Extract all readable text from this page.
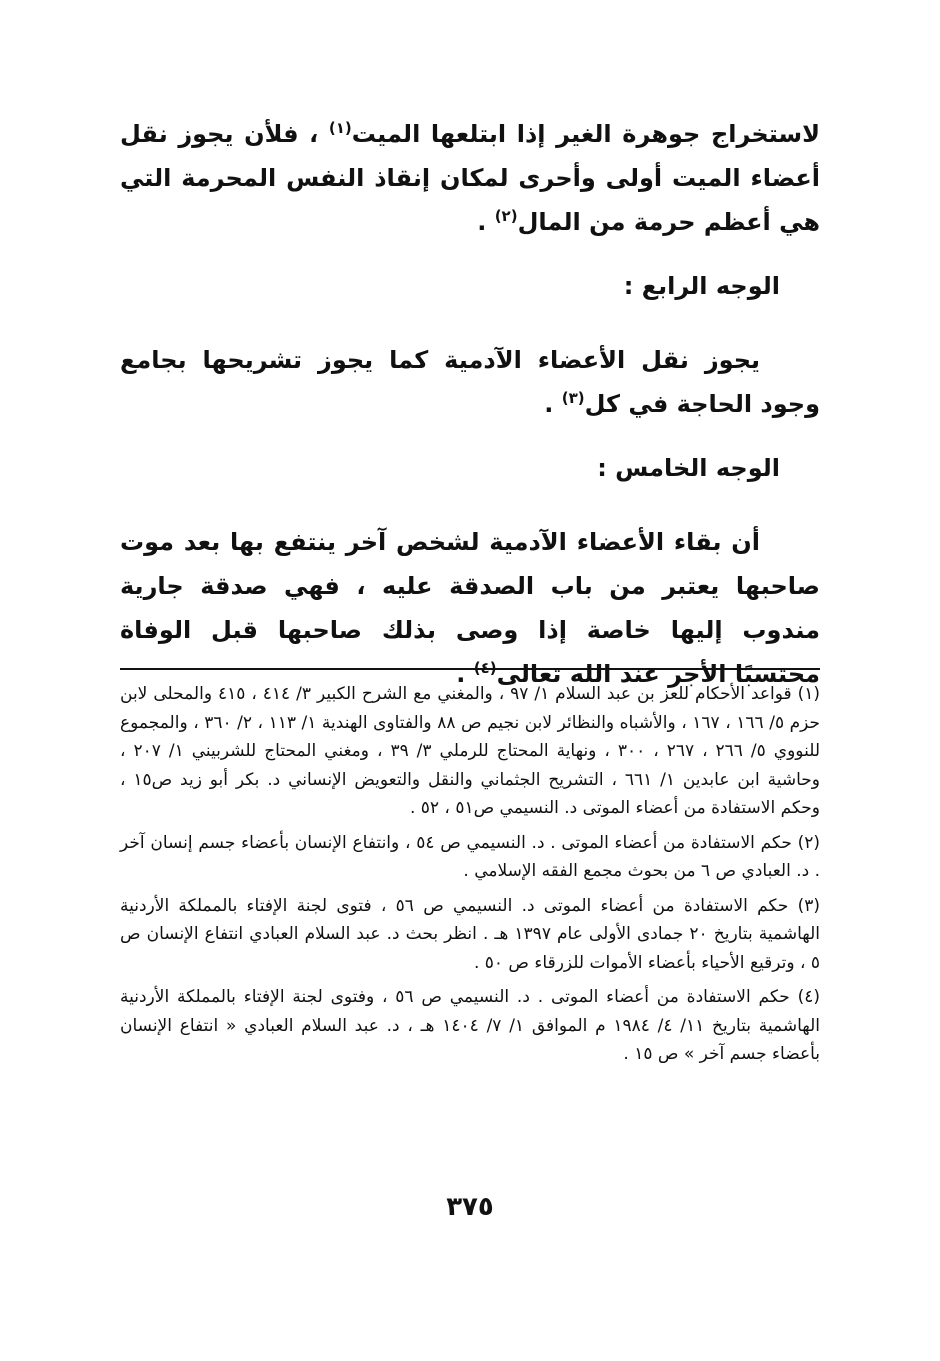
لاستخراج جوهرة الغير إذا ابتلعها الميت$^{(١)}$ ، فلأن يجوز نقل أعضاء الميت أولى وأحرى لمكان إنقاذ النفس المحرمة التي هي أعظم حرمة من المال$^{(٢)}$ .

الوجه الرابع :

يجوز نقل الأعضاء الآدمية كما يجوز تشريحها بجامع وجود الحاجة في كل$^{(٣)}$ .

الوجه الخامس :

أن بقاء الأعضاء الآدمية لشخص آخر ينتفع بها بعد موت صاحبها يعتبر من باب الصدقة عليه ، فهي صدقة جارية مندوب إليها خاصة إذا وصى بذلك صاحبها قبل الوفاة محتسبًا الأجر عند الله تعالى$^{(٤)}$ .

(١) قواعد الأحكام للعز بن عبد السلام ١/ ٩٧ ، والمغني مع الشرح الكبير ٣/ ٤١٤ ، ٤١٥ والمحلى لابن حزم ٥/ ١٦٦ ، ١٦٧ ، والأشباه والنظائر لابن نجيم ص ٨٨ والفتاوى الهندية ١/ ١١٣ ، ٢/ ٣٦٠ ، والمجموع للنووي ٥/ ٢٦٦ ، ٢٦٧ ، ٣٠٠ ، ونهاية المحتاج للرملي ٣/ ٣٩ ، ومغني المحتاج للشربيني ١/ ٢٠٧ ، وحاشية ابن عابدين ١/ ٦٦١ ، التشريح الجثماني والنقل والتعويض الإنساني د. بكر أبو زيد ص١٥ ، وحكم الاستفادة من أعضاء الموتى د. النسيمي ص٥١ ، ٥٢ .

(٢) حكم الاستفادة من أعضاء الموتى . د. النسيمي ص ٥٤ ، وانتفاع الإنسان بأعضاء جسم إنسان آخر . د. العبادي ص ٦ من بحوث مجمع الفقه الإسلامي .

(٣) حكم الاستفادة من أعضاء الموتى د. النسيمي ص ٥٦ ، فتوى لجنة الإفتاء بالمملكة الأردنية الهاشمية بتاريخ ٢٠ جمادى الأولى عام ١٣٩٧ هـ . انظر بحث د. عبد السلام العبادي انتفاع الإنسان ص ٥ ، وترقيع الأحياء بأعضاء الأموات للزرقاء ص ٥٠ .

(٤) حكم الاستفادة من أعضاء الموتى . د. النسيمي ص ٥٦ ، وفتوى لجنة الإفتاء بالمملكة الأردنية الهاشمية بتاريخ ١١/ ٤/ ١٩٨٤ م الموافق ١/ ٧/ ١٤٠٤ هـ ، د. عبد السلام العبادي « انتفاع الإنسان بأعضاء جسم آخر » ص ١٥ .

٣٧٥
